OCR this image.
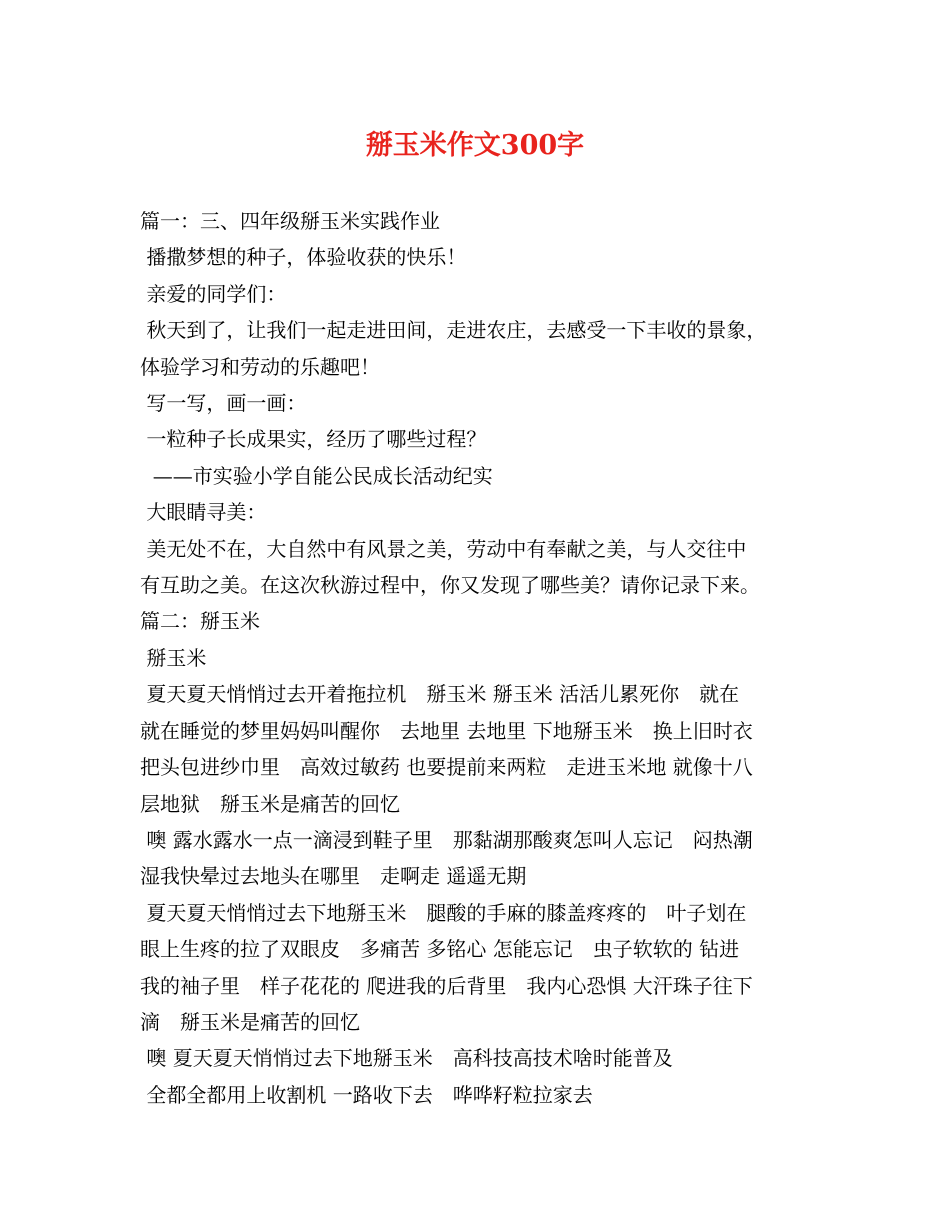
掰玉米作文300字

篇一：三、四年级掰玉米实践作业

播撒梦想的种子，体验收获的快乐！

亲爱的同学们：

秋天到了，让我们一起走进田间，走进农庄，去感受一下丰收的景象，

体验学习和劳动的乐趣吧！

写一写，画一画：

一粒种子长成果实，经历了哪些过程？

——市实验小学自能公民成长活动纪实

大眼睛寻美：

美无处不在，大自然中有风景之美，劳动中有奉献之美，与人交往中

有互助之美。在这次秋游过程中，你又发现了哪些美？请你记录下来。

篇二：掰玉米

掰玉米

夏天夏天悄悄过去开着拖拉机　掰玉米 掰玉米 活活儿累死你　就在

就在睡觉的梦里妈妈叫醒你　去地里 去地里 下地掰玉米　换上旧时衣

把头包进纱巾里　高效过敏药 也要提前来两粒　走进玉米地 就像十八

层地狱　掰玉米是痛苦的回忆

噢 露水露水一点一滴浸到鞋子里　那黏湖那酸爽怎叫人忘记　闷热潮

湿我快晕过去地头在哪里　走啊走 遥遥无期

夏天夏天悄悄过去下地掰玉米　腿酸的手麻的膝盖疼疼的　叶子划在

眼上生疼的拉了双眼皮　多痛苦 多铭心 怎能忘记　虫子软软的 钻进

我的袖子里　样子花花的 爬进我的后背里　我内心恐惧 大汗珠子往下

滴　掰玉米是痛苦的回忆

噢 夏天夏天悄悄过去下地掰玉米　高科技高技术啥时能普及

全都全都用上收割机 一路收下去　哗哗籽粒拉家去
